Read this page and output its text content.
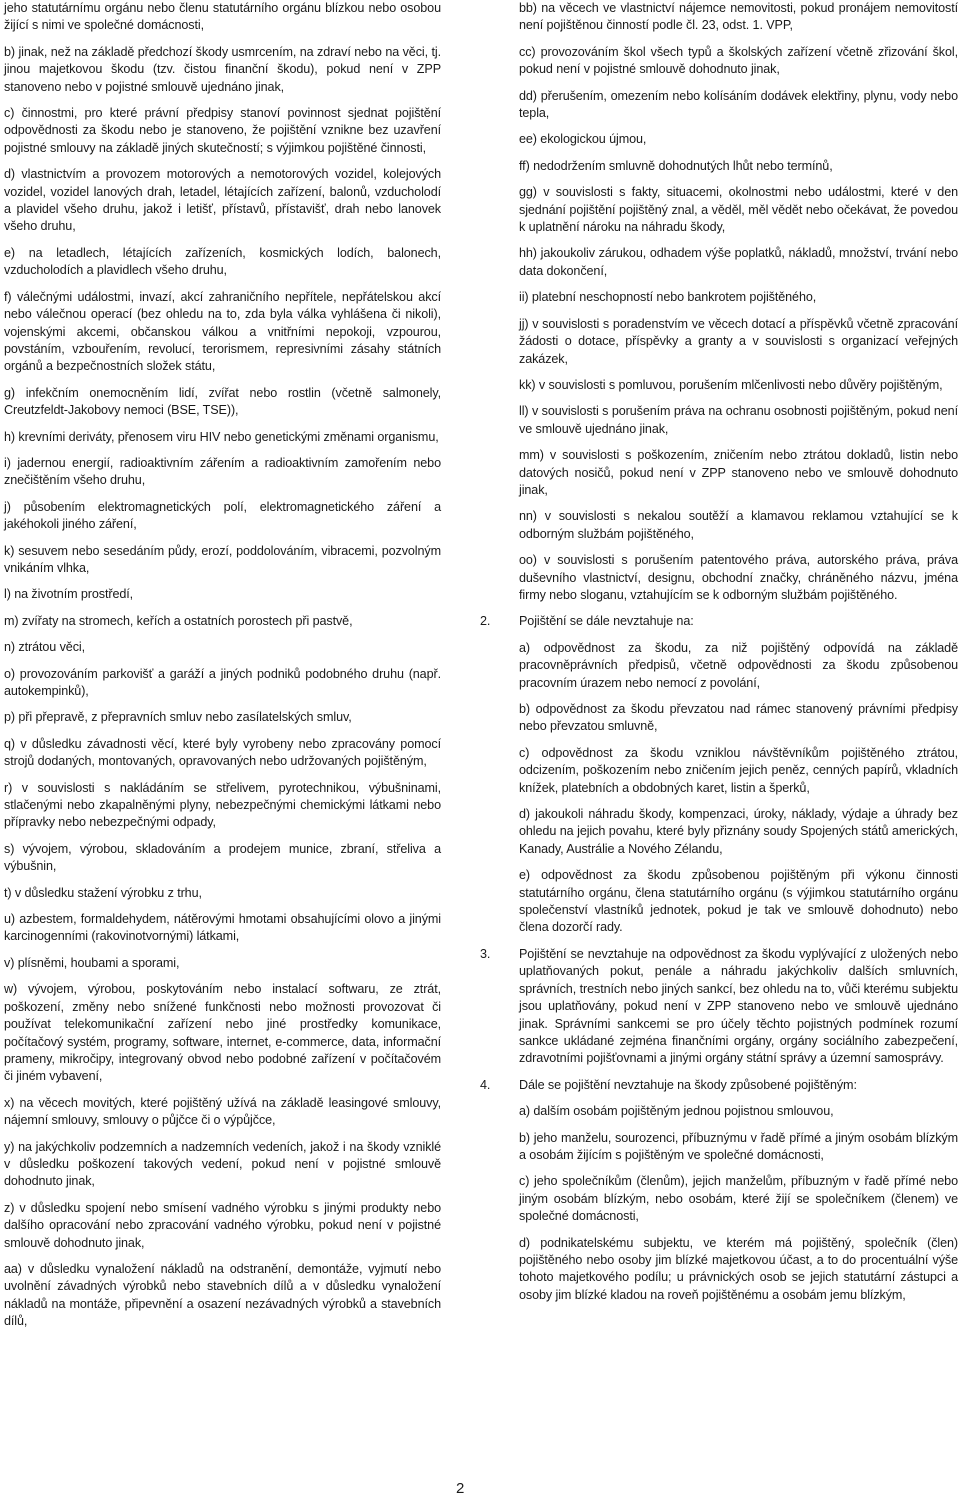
jeho statutárnímu orgánu nebo členu statutárního orgánu blízkou nebo osobou žijící s nimi ve společné domácnosti,

b) jinak, než na základě předchozí škody usmrcením, na zdraví nebo na věci, tj. jinou majetkovou škodu (tzv. čistou finanční škodu), pokud není v ZPP stanoveno nebo v pojistné smlouvě ujednáno jinak,

c) činnostmi, pro které právní předpisy stanoví povinnost sjednat pojištění odpovědnosti za škodu nebo je stanoveno, že pojištění vznikne bez uzavření pojistné smlouvy na základě jiných skutečností; s výjimkou pojištěné činnosti,

d) vlastnictvím a provozem motorových a nemotorových vozidel, kolejových vozidel, vozidel lanových drah, letadel, létajících zařízení, balonů, vzducholodí a plavidel všeho druhu, jakož i letišť, přístavů, přístavišť, drah nebo lanovek všeho druhu,

e) na letadlech, létajících zařízeních, kosmických lodích, balonech, vzducholodích a plavidlech všeho druhu,

f) válečnými událostmi, invazí, akcí zahraničního nepřítele, nepřátelskou akcí nebo válečnou operací (bez ohledu na to, zda byla válka vyhlášena či nikoli), vojenskými akcemi, občanskou válkou a vnitřními nepokoji, vzpourou, povstáním, vzbouřením, revolucí, terorismem, represivními zásahy státních orgánů a bezpečnostních složek státu,

g) infekčním onemocněním lidí, zvířat nebo rostlin (včetně salmonely, Creutzfeldt-Jakobovy nemoci (BSE, TSE)),

h) krevními deriváty, přenosem viru HIV nebo genetickými změnami organismu,

i) jadernou energií, radioaktivním zářením a radioaktivním zamořením nebo znečištěním všeho druhu,

j) působením elektromagnetických polí, elektromagnetického záření a jakéhokoli jiného záření,

k) sesuvem nebo sesedáním půdy, erozí, poddolováním, vibracemi, pozvolným vnikáním vlhka,

l) na životním prostředí,

m) zvířaty na stromech, keřích a ostatních porostech při pastvě,

n) ztrátou věci,

o) provozováním parkovišť a garáží a jiných podniků podobného druhu (např. autokempinků),

p) při přepravě, z přepravních smluv nebo zasílatelských smluv,

q) v důsledku závadnosti věcí, které byly vyrobeny nebo zpracovány pomocí strojů dodaných, montovaných, opravovaných nebo udržovaných pojištěným,

r) v souvislosti s nakládáním se střelivem, pyrotechnikou, výbušninami, stlačenými nebo zkapalněnými plyny, nebezpečnými chemickými látkami nebo přípravky nebo nebezpečnými odpady,

s) vývojem, výrobou, skladováním a prodejem munice, zbraní, střeliva a výbušnin,

t) v důsledku stažení výrobku z trhu,

u) azbestem, formaldehydem, nátěrovými hmotami obsahujícími olovo a jinými karcinogenními (rakovinotvornými) látkami,

v) plísněmi, houbami a sporami,

w) vývojem, výrobou, poskytováním nebo instalací softwaru, ze ztrát, poškození, změny nebo snížené funkčnosti nebo možnosti provozovat či používat telekomunikační zařízení nebo jiné prostředky komunikace, počítačový systém, programy, software, internet, e-commerce, data, informační prameny, mikročipy, integrovaný obvod nebo podobné zařízení v počítačovém či jiném vybavení,

x) na věcech movitých, které pojištěný užívá na základě leasingové smlouvy, nájemní smlouvy, smlouvy o půjčce či o výpůjčce,

y) na jakýchkoliv podzemních a nadzemních vedeních, jakož i na škody vzniklé v důsledku poškození takových vedení, pokud není v pojistné smlouvě dohodnuto jinak,

z) v důsledku spojení nebo smísení vadného výrobku s jinými produkty nebo dalšího opracování nebo zpracování vadného výrobku, pokud není v pojistné smlouvě dohodnuto jinak,

aa) v důsledku vynaložení nákladů na odstranění, demontáže, vyjmutí nebo uvolnění závadných výrobků nebo stavebních dílů a v důsledku vynaložení nákladů na montáže, připevnění a osazení nezávadných výrobků a stavebních dílů,

bb) na věcech ve vlastnictví nájemce nemovitosti, pokud pronájem nemovitostí není pojištěnou činností podle čl. 23, odst. 1. VPP,
cc) provozováním škol všech typů a školských zařízení včetně zřizování škol, pokud není v pojistné smlouvě dohodnuto jinak,
dd) přerušením, omezením nebo kolísáním dodávek elektřiny, plynu, vody nebo tepla,
ee) ekologickou újmou,
ff) nedodržením smluvně dohodnutých lhůt nebo termínů,
gg) v souvislosti s fakty, situacemi, okolnostmi nebo událostmi, které v den sjednání pojištění pojištěný znal, a věděl, měl vědět nebo očekávat, že povedou k uplatnění nároku na náhradu škody,
hh) jakoukoliv zárukou, odhadem výše poplatků, nákladů, množství, trvání nebo data dokončení,
ii) platební neschopností nebo bankrotem pojištěného,
jj) v souvislosti s poradenstvím ve věcech dotací a příspěvků včetně zpracování žádosti o dotace, příspěvky a granty a v souvislosti s organizací veřejných zakázek,
kk) v souvislosti s pomluvou, porušením mlčenlivosti nebo důvěry pojištěným,
ll) v souvislosti s porušením práva na ochranu osobnosti pojištěným, pokud není ve smlouvě ujednáno jinak,
mm) v souvislosti s poškozením, zničením nebo ztrátou dokladů, listin nebo datových nosičů, pokud není v ZPP stanoveno nebo ve smlouvě dohodnuto jinak,
nn) v souvislosti s nekalou soutěží a klamavou reklamou vztahující se k odborným službám pojištěného,
oo) v souvislosti s porušením patentového práva, autorského práva, práva duševního vlastnictví, designu, obchodní značky, chráněného názvu, jména firmy nebo sloganu, vztahujícím se k odborným službám pojištěného.
2. Pojištění se dále nevztahuje na:
a) odpovědnost za škodu, za niž pojištěný odpovídá na základě pracovněprávních předpisů, včetně odpovědnosti za škodu způsobenou pracovním úrazem nebo nemocí z povolání,
b) odpovědnost za škodu převzatou nad rámec stanovený právními předpisy nebo převzatou smluvně,
c) odpovědnost za škodu vzniklou návštěvníkům pojištěného ztrátou, odcizením, poškozením nebo zničením jejich peněz, cenných papírů, vkladních knížek, platebních a obdobných karet, listin a šperků,
d) jakoukoli náhradu škody, kompenzaci, úroky, náklady, výdaje a úhrady bez ohledu na jejich povahu, které byly přiznány soudy Spojených států amerických, Kanady, Austrálie a Nového Zélandu,
e) odpovědnost za škodu způsobenou pojištěným při výkonu činnosti statutárního orgánu, člena statutárního orgánu (s výjimkou statutárního orgánu společenství vlastníků jednotek, pokud je tak ve smlouvě dohodnuto) nebo člena dozorčí rady.
3. Pojištění se nevztahuje na odpovědnost za škodu vyplývající z uložených nebo uplatňovaných pokut, penále a náhradu jakýchkoliv dalších smluvních, správních, trestních nebo jiných sankcí, bez ohledu na to, vůči kterému subjektu jsou uplatňovány, pokud není v ZPP stanoveno nebo ve smlouvě ujednáno jinak. Správními sankcemi se pro účely těchto pojistných podmínek rozumí sankce ukládané zejména finančními orgány, orgány sociálního zabezpečení, zdravotními pojišťovnami a jinými orgány státní správy a územní samosprávy.
4. Dále se pojištění nevztahuje na škody způsobené pojištěným:
a) dalším osobám pojištěným jednou pojistnou smlouvou,
b) jeho manželu, sourozenci, příbuznýmu v řadě přímé a jiným osobám blízkým a osobám žijícím s pojištěným ve společné domácnosti,
c) jeho společníkům (členům), jejich manželům, příbuzným v řadě přímé nebo jiným osobám blízkým, nebo osobám, které žijí se společníkem (členem) ve společné domácnosti,
d) podnikatelskému subjektu, ve kterém má pojištěný, společník (člen) pojištěného nebo osoby jim blízké majetkovou účast, a to do procentuální výše tohoto majetkového podílu; u právnických osob se jejich statutární zástupci a osoby jim blízké kladou na roveň pojištěnému a osobám jemu blízkým,
2
